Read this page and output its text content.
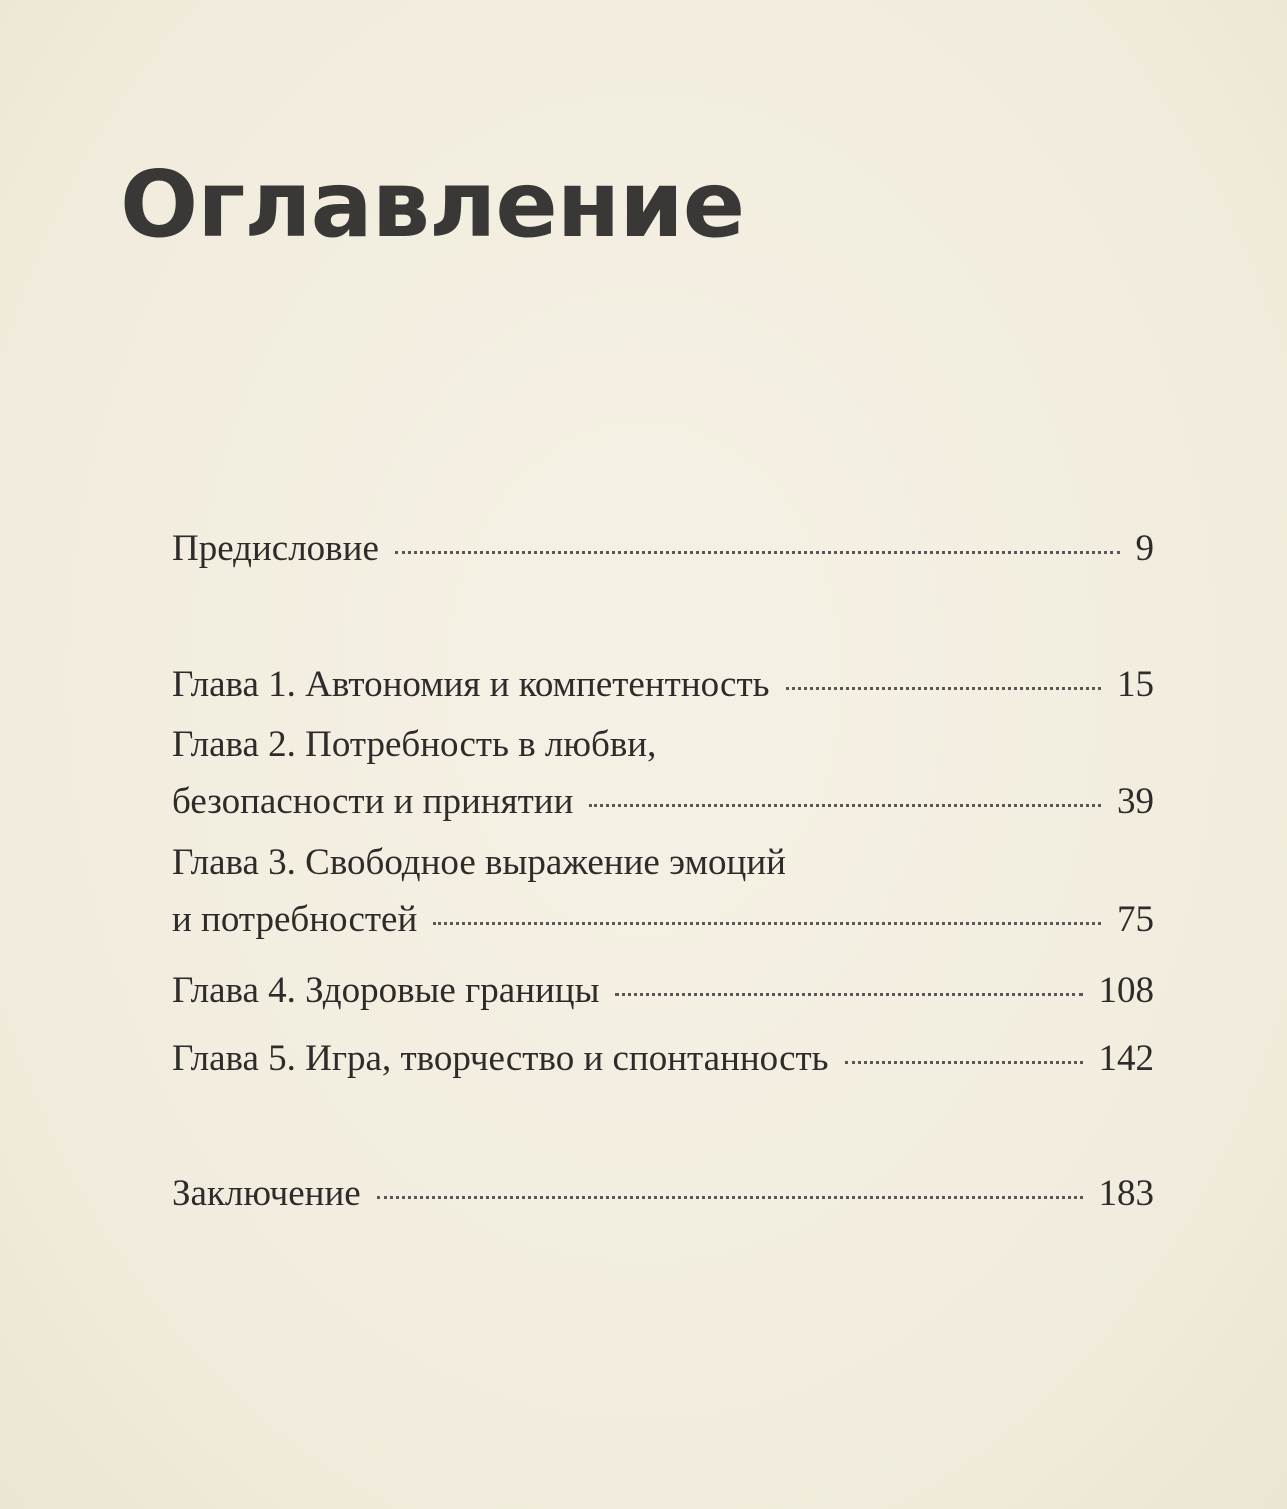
Оглавление
Предисловие	9
Глава 1. Автономия и компетентность	15
Глава 2. Потребность в любви,
безопасности и принятии	39
Глава 3. Свободное выражение эмоций
и потребностей	75
Глава 4. Здоровые границы	108
Глава 5. Игра, творчество и спонтанность	142
Заключение	183
